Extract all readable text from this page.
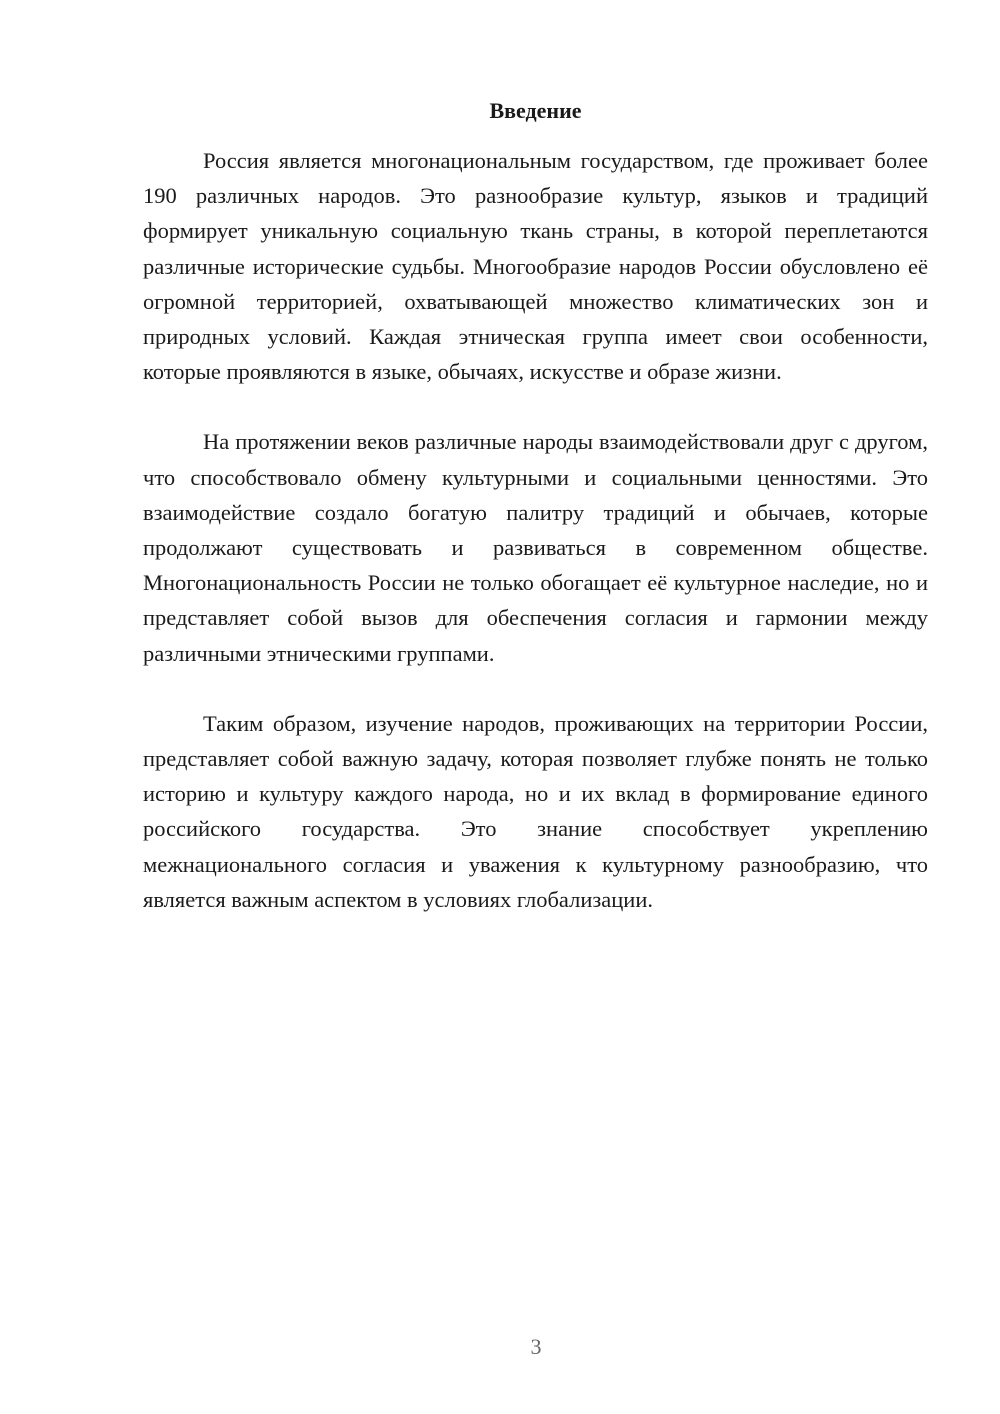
Введение

Россия является многонациональным государством, где проживает более 190 различных народов. Это разнообразие культур, языков и традиций формирует уникальную социальную ткань страны, в которой переплетаются различные исторические судьбы. Многообразие народов России обусловлено её огромной территорией, охватывающей множество климатических зон и природных условий. Каждая этническая группа имеет свои особенности, которые проявляются в языке, обычаях, искусстве и образе жизни.

На протяжении веков различные народы взаимодействовали друг с другом, что способствовало обмену культурными и социальными ценностями. Это взаимодействие создало богатую палитру традиций и обычаев, которые продолжают существовать и развиваться в современном обществе. Многонациональность России не только обогащает её культурное наследие, но и представляет собой вызов для обеспечения согласия и гармонии между различными этническими группами.

Таким образом, изучение народов, проживающих на территории России, представляет собой важную задачу, которая позволяет глубже понять не только историю и культуру каждого народа, но и их вклад в формирование единого российского государства. Это знание способствует укреплению межнационального согласия и уважения к культурному разнообразию, что является важным аспектом в условиях глобализации.

3
